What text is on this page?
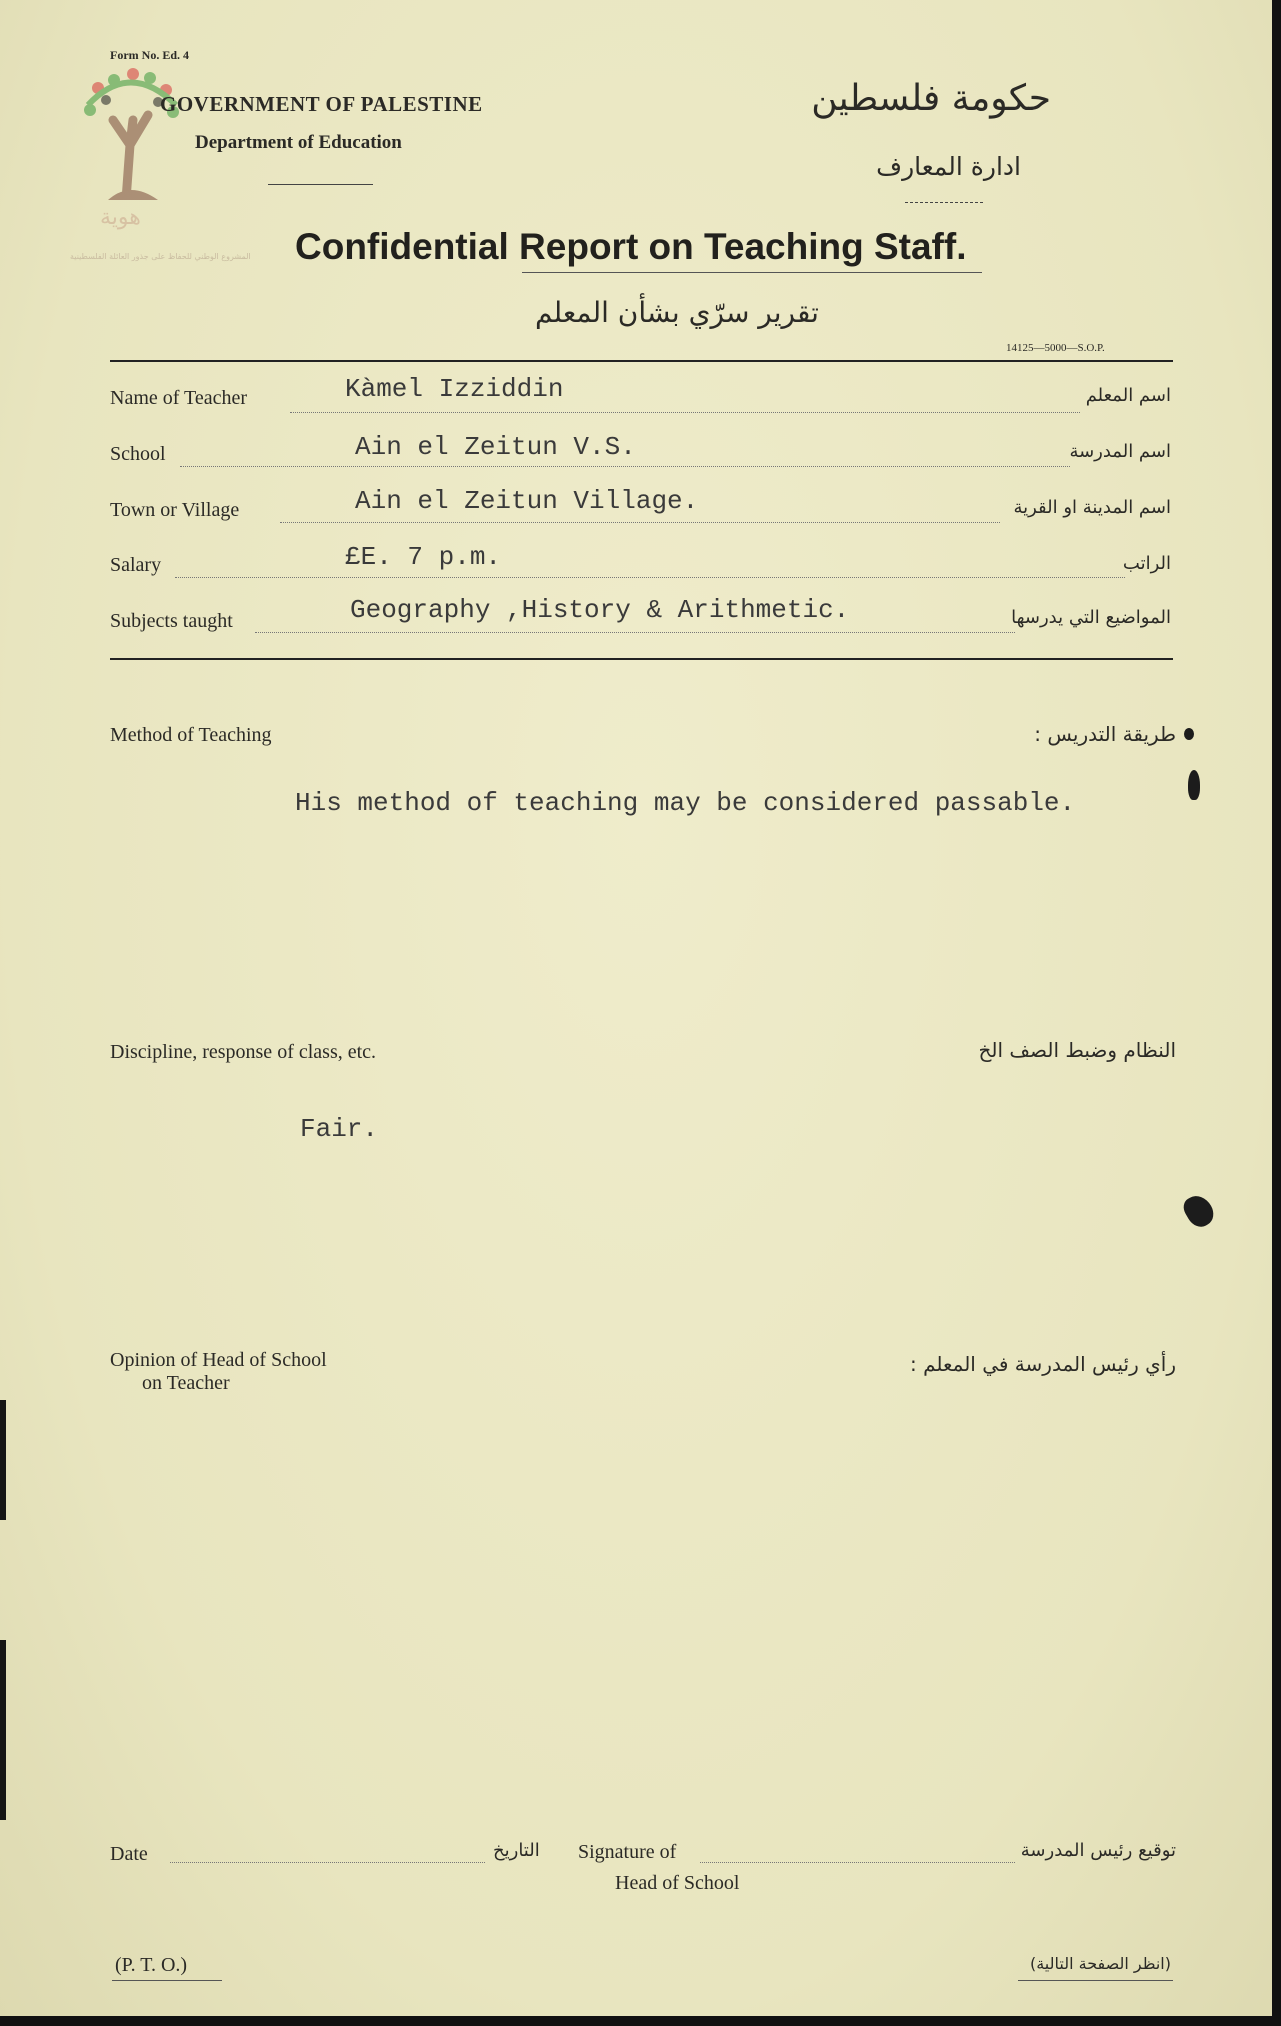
هوية
المشروع الوطني للحفاظ على جذور العائلة الفلسطينية
Form No. Ed. 4
GOVERNMENT OF PALESTINE
Department of Education
حكومة فلسطين
ادارة المعارف
Confidential Report on Teaching Staff.
تقرير سرّي بشأن المعلم
14125—5000—S.O.P.
Name of Teacher	Kàmel Izziddin	اسم المعلم
School	Ain el Zeitun V.S.	اسم المدرسة
Town or Village	Ain el Zeitun Village.	اسم المدينة او القرية
Salary	£E. 7 p.m.	الراتب
Subjects taught	Geography ,History & Arithmetic.	المواضيع التي يدرسها
Method of Teaching	طريقة التدريس :
His method of teaching may be considered passable.
Discipline, response of class, etc.	النظام وضبط الصف الخ
Fair.
Opinion of Head of School
on Teacher
رأي رئيس المدرسة في المعلم :
Date	التاريخ Signature of
Head of School
توقيع رئيس المدرسة
(P. T. O.)	(انظر الصفحة التالية)
